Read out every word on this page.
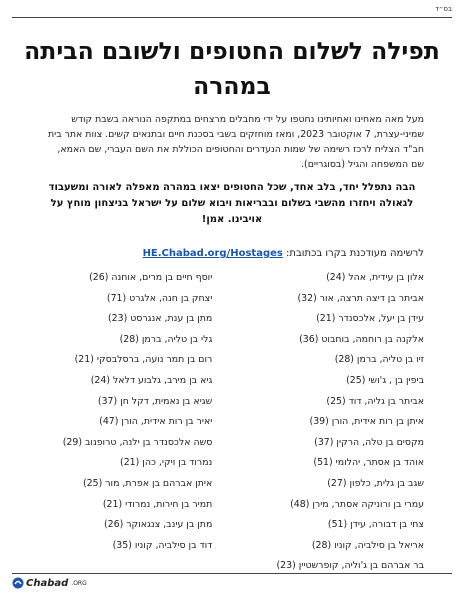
בס״ד
תפילה לשלום החטופים ולשובם הביתה במהרה

מעל מאה מאחינו ואחיותינו נחטפו על ידי מחבלים מרצחים במתקפה הנוראה בשבת קודש שמיני-עצרת, 7 אוקטובר 2023, ומאז מוחזקים בשבי בסכנת חיים ובתנאים קשים. צוות אתר בית חב"ד הצליח לרכז רשימה של שמות הנעדרים והחטופים הכוללת את השם העברי, שם האמא, שם המשפחה והגיל (בסוגריים).

הבה נתפלל יחד, בלב אחד, שכל החטופים יצאו במהרה מאפלה לאורה ומשעבוד לגאולה ויחזרו מהשבי בשלום ובבריאות ויבוא שלום על ישראל בניצחון מוחץ על אויבינו. אמן!

לרשימה מעודכנת בקרו בכתובת: HE.Chabad.org/Hostages
אלון בן עידית, אהל (24)
אביתר בן דיצה תרצה, אור (32)
עידן בן יעל, אלכסנדר (21)
אלקנה בן רוחמה, בוחבוט (36)
זיו בן טליה, ברמן (28)
ביפין בן , ג'ושי (25)
אביתר בן גליה, דוד (25)
איתן בן רות אידית, הורן (39)
מקסים בן טלה, הרקין (37)
אוהד בן אסתר, יהלומי (51)
שגב בן גלית, כלפון (27)
עמרי בן ורוניקה אסתר, מירן (48)
צחי בן דבורה, עידן (51)
אריאל בן סילביה, קוניו (28)
בר אברהם בן ג'וליה, קופרשטיין (23)
יוסף חיים בן מרים, אוחנה (26)
יצחק בן חנה, אלגרט (71)
מתן בן ענת, אנגרסט (23)
גלי בן טליה, ברמן (28)
רום בן תמר נועה, ברסלבסקי (21)
גיא בן מירב, גלבוע דלאל (24)
שגיא בן נאמית, דקל חן (37)
יאיר בן רות אידית, הורן (47)
סשה אלכסנדר בן ילנה, טרופנוב (29)
נמרוד בן ויקי, כהן (21)
איתן אברהם בן אפרת, מור (25)
תמיר בן חירות, נמרודי (21)
מתן בן עינב, צנגאוקר (26)
דוד בן סילביה, קוניו (35)
Chabad .ORG
